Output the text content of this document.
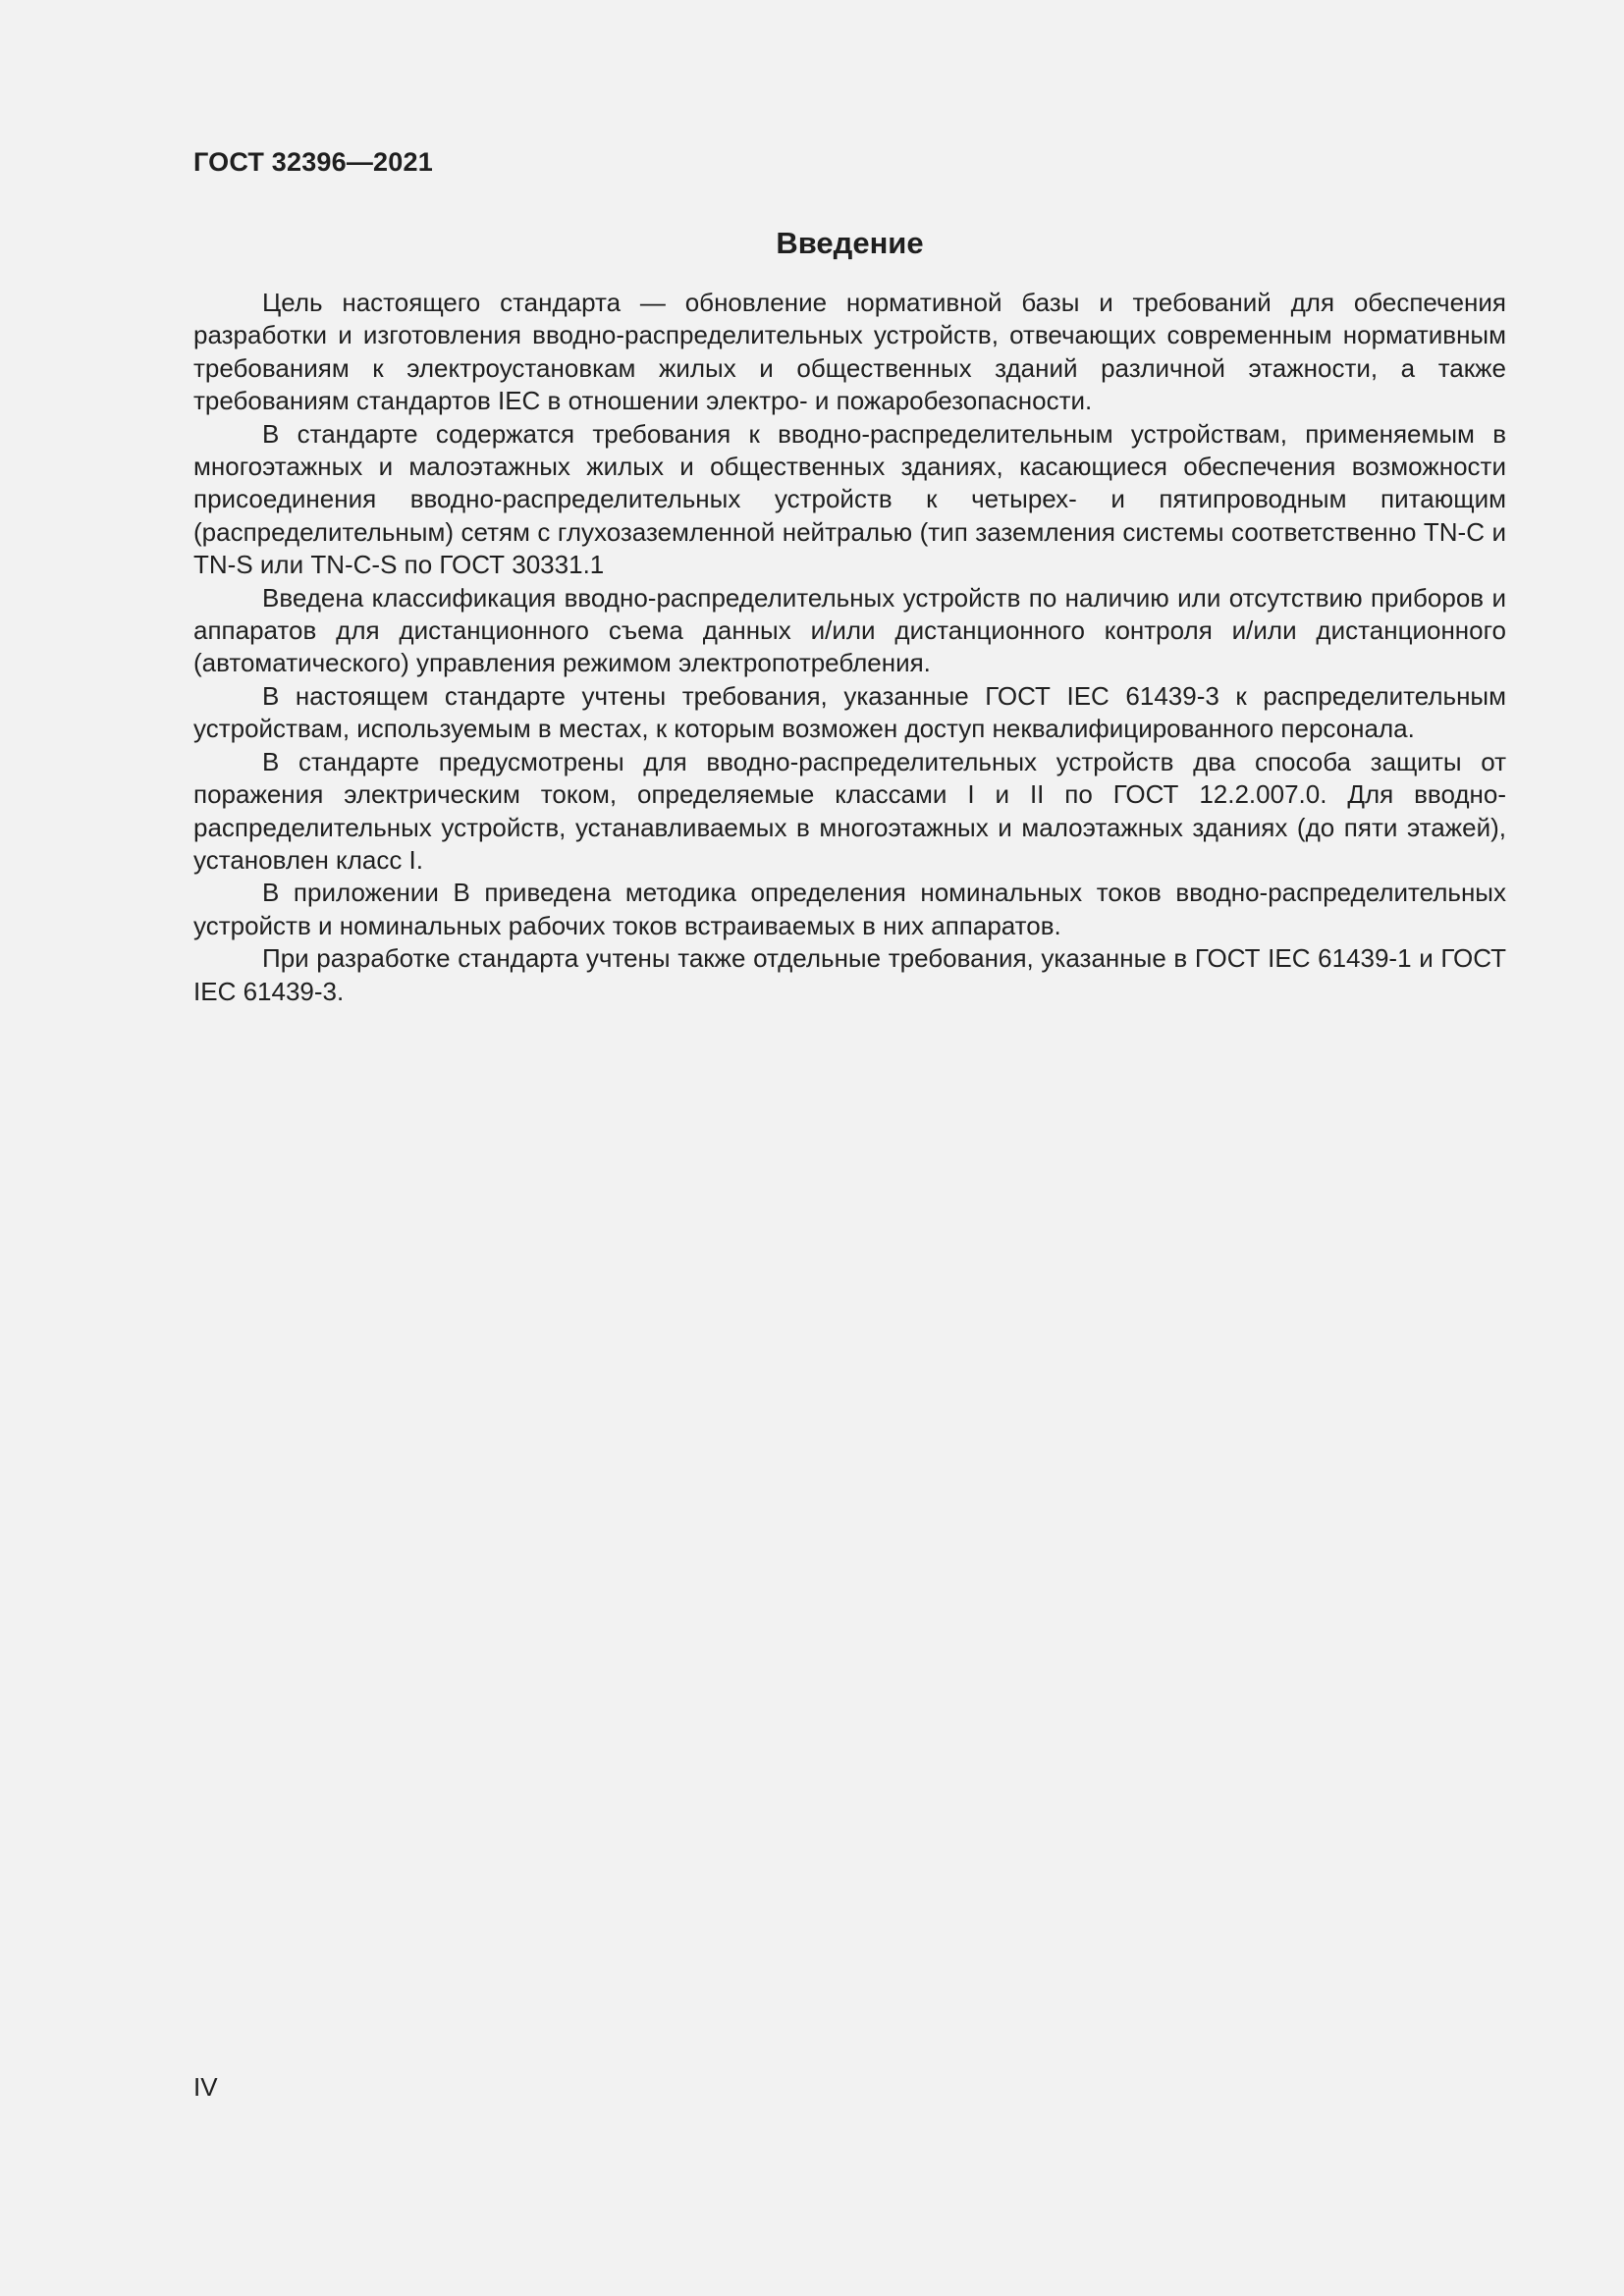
ГОСТ 32396—2021
Введение

Цель настоящего стандарта — обновление нормативной базы и требований для обеспечения разработки и изготовления вводно-распределительных устройств, отвечающих современным нормативным требованиям к электроустановкам жилых и общественных зданий различной этажности, а также требованиям стандартов IEC в отношении электро- и пожаробезопасности.

В стандарте содержатся требования к вводно-распределительным устройствам, применяемым в многоэтажных и малоэтажных жилых и общественных зданиях, касающиеся обеспечения возможности присоединения вводно-распределительных устройств к четырех- и пятипроводным питающим (распределительным) сетям с глухозаземленной нейтралью (тип заземления системы соответственно TN-C и TN-S или TN-C-S по ГОСТ 30331.1

Введена классификация вводно-распределительных устройств по наличию или отсутствию приборов и аппаратов для дистанционного съема данных и/или дистанционного контроля и/или дистанционного (автоматического) управления режимом электропотребления.

В настоящем стандарте учтены требования, указанные ГОСТ IEC 61439-3 к распределительным устройствам, используемым в местах, к которым возможен доступ неквалифицированного персонала.

В стандарте предусмотрены для вводно-распределительных устройств два способа защиты от поражения электрическим током, определяемые классами I и II по ГОСТ 12.2.007.0. Для вводно-распределительных устройств, устанавливаемых в многоэтажных и малоэтажных зданиях (до пяти этажей), установлен класс I.

В приложении В приведена методика определения номинальных токов вводно-распределительных устройств и номинальных рабочих токов встраиваемых в них аппаратов.

При разработке стандарта учтены также отдельные требования, указанные в ГОСТ IEC 61439-1 и ГОСТ IEC 61439-3.

IV
